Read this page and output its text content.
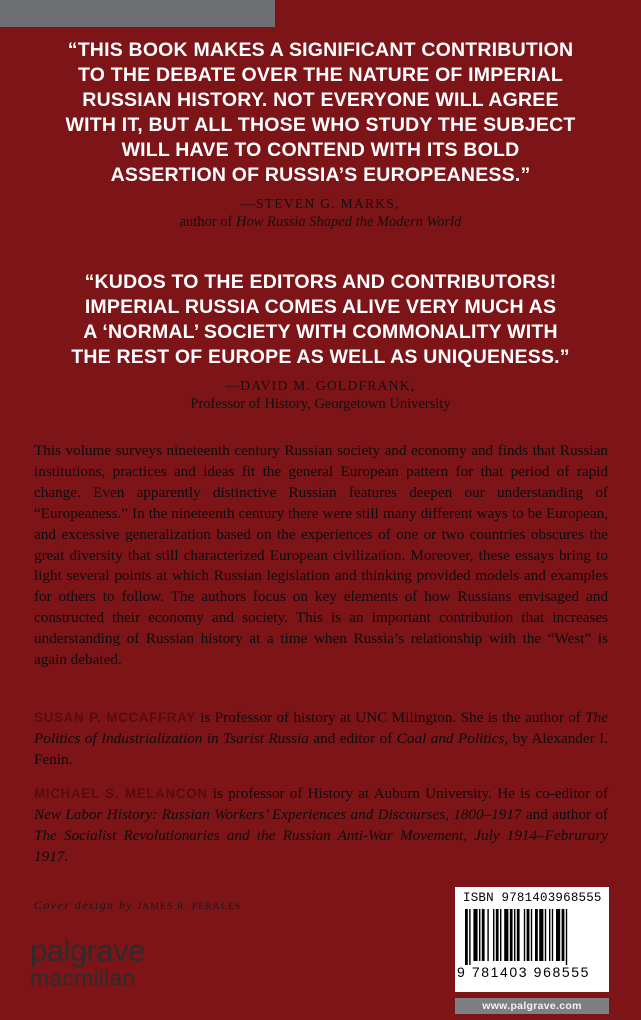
“THIS BOOK MAKES A SIGNIFICANT CONTRIBUTION
TO THE DEBATE OVER THE NATURE OF IMPERIAL
RUSSIAN HISTORY. NOT EVERYONE WILL AGREE
WITH IT, BUT ALL THOSE WHO STUDY THE SUBJECT
WILL HAVE TO CONTEND WITH ITS BOLD
ASSERTION OF RUSSIA’S EUROPEANESS.”
—STEVEN G. MARKS,
author of How Russia Shaped the Modern World
“KUDOS TO THE EDITORS AND CONTRIBUTORS!
IMPERIAL RUSSIA COMES ALIVE VERY MUCH AS
A ‘NORMAL’ SOCIETY WITH COMMONALITY WITH
THE REST OF EUROPE AS WELL AS UNIQUENESS.”
—DAVID M. GOLDFRANK,
Professor of History, Georgetown University
This volume surveys nineteenth century Russian society and economy and finds that Russian institutions, practices and ideas fit the general European pattern for that period of rapid change. Even apparently distinctive Russian features deepen our understanding of “Europeaness.” In the nineteenth century there were still many different ways to be European, and excessive generalization based on the experiences of one or two countries obscures the great diversity that still characterized European civilization. Moreover, these essays bring to light several points at which Russian legislation and thinking provided models and examples for others to follow. The authors focus on key elements of how Russians envisaged and constructed their economy and society. This is an important contribution that increases understanding of Russian history at a time when Russia’s relationship with the “West” is again debated.
SUSAN P. MCCAFFRAY is Professor of history at UNC Milington. She is the author of The Politics of Industrialization in Tsarist Russia and editor of Coal and Politics, by Alexander I. Fenin.
MICHAEL S. MELANCON is professor of History at Auburn University. He is co-editor of New Labor History: Russian Workers’ Experiences and Discourses, 1800–1917 and author of The Socialist Revolutionaries and the Russian Anti-War Movement, July 1914–Februrary 1917.
Cover design by JAMES R. PERALES
palgrave
macmillan
ISBN 9781403968555
9 781403 968555
www.palgrave.com
